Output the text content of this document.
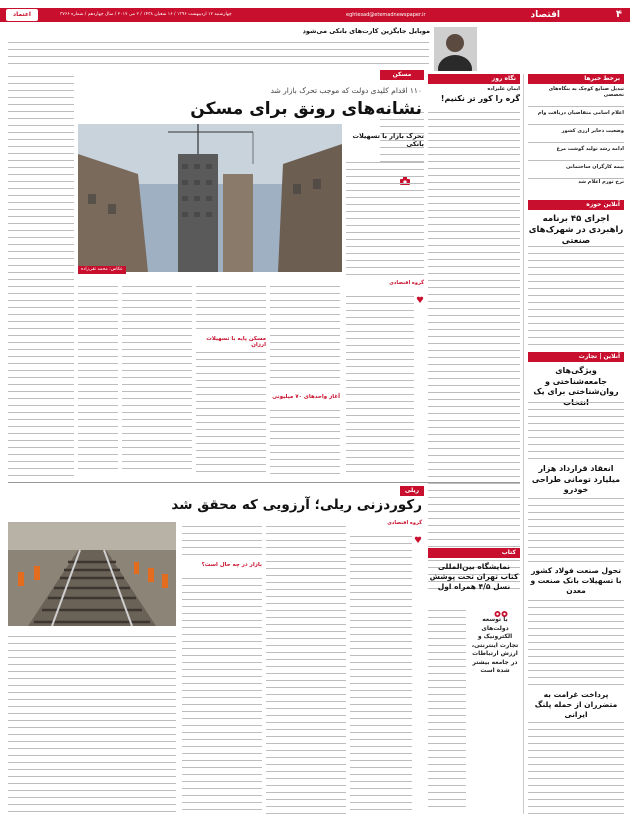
۴
اقتصاد
eghtesad@etemadnewspaper.ir
چهارشنبه ۱۲ اردیبهشت ۱۳۹۶ / ۱۶ شعبان ۱۴۳۸ / ۲ می ۲۰۱۷ / سال چهاردهم / شماره ۳۷۶۶
اعتماد
موبایل جایگزین کارت‌های بانکی می‌شود
برخط خبرها
تبدیل صنایع کوچک به بنگاه‌های تخصصی
اعلام اسامی متقاضیان دریافت وام
وضعیت ذخایر ارزی کشور
ادامه رشد تولید گوشت مرغ
بیمه کارگران ساختمانی
نرخ تورم اعلام شد
آنلاین حوزه
اجرای ۴۵ برنامه راهبردی در شهرک‌های صنعتی
آنلاین | تجارت
ویژگی‌های جامعه‌شناختی و روان‌شناختی برای یک انتخاب
انعقاد قرارداد هزار میلیارد تومانی طراحی خودرو
تحول صنعت فولاد کشور با تسهیلات بانک صنعت و معدن
پرداخت غرامت به متضرران از حمله پلنگ ایرانی
نگاه روز
ایمان علیزاده
گره را کور تر نکنیم!
مسکن
۱۱۰ اقدام کلیدی دولت که موجب تحرک بازار شد
نشانه‌های رونق برای مسکن
عکاس: محمد تقی‌زاده
تحرک بازار با تسهیلات بانکی
گروه اقتصادی
آغاز واحدهای ۷۰ میلیونی
مسکن پایه با تسهیلات ارزان
ریلی
رکوردزنی ریلی؛ آرزویی که محقق شد
گروه اقتصادی
بازار در چه حال است؟
کتاب
نمایشگاه بین‌المللی کتاب تهران تحت پوشش نسل ۴/۵ همراه اول
با توسعه دولت‌های الکترونیک و تجارت اینترنتی، ارزش ارتباطات در جامعه بیشتر شده است
